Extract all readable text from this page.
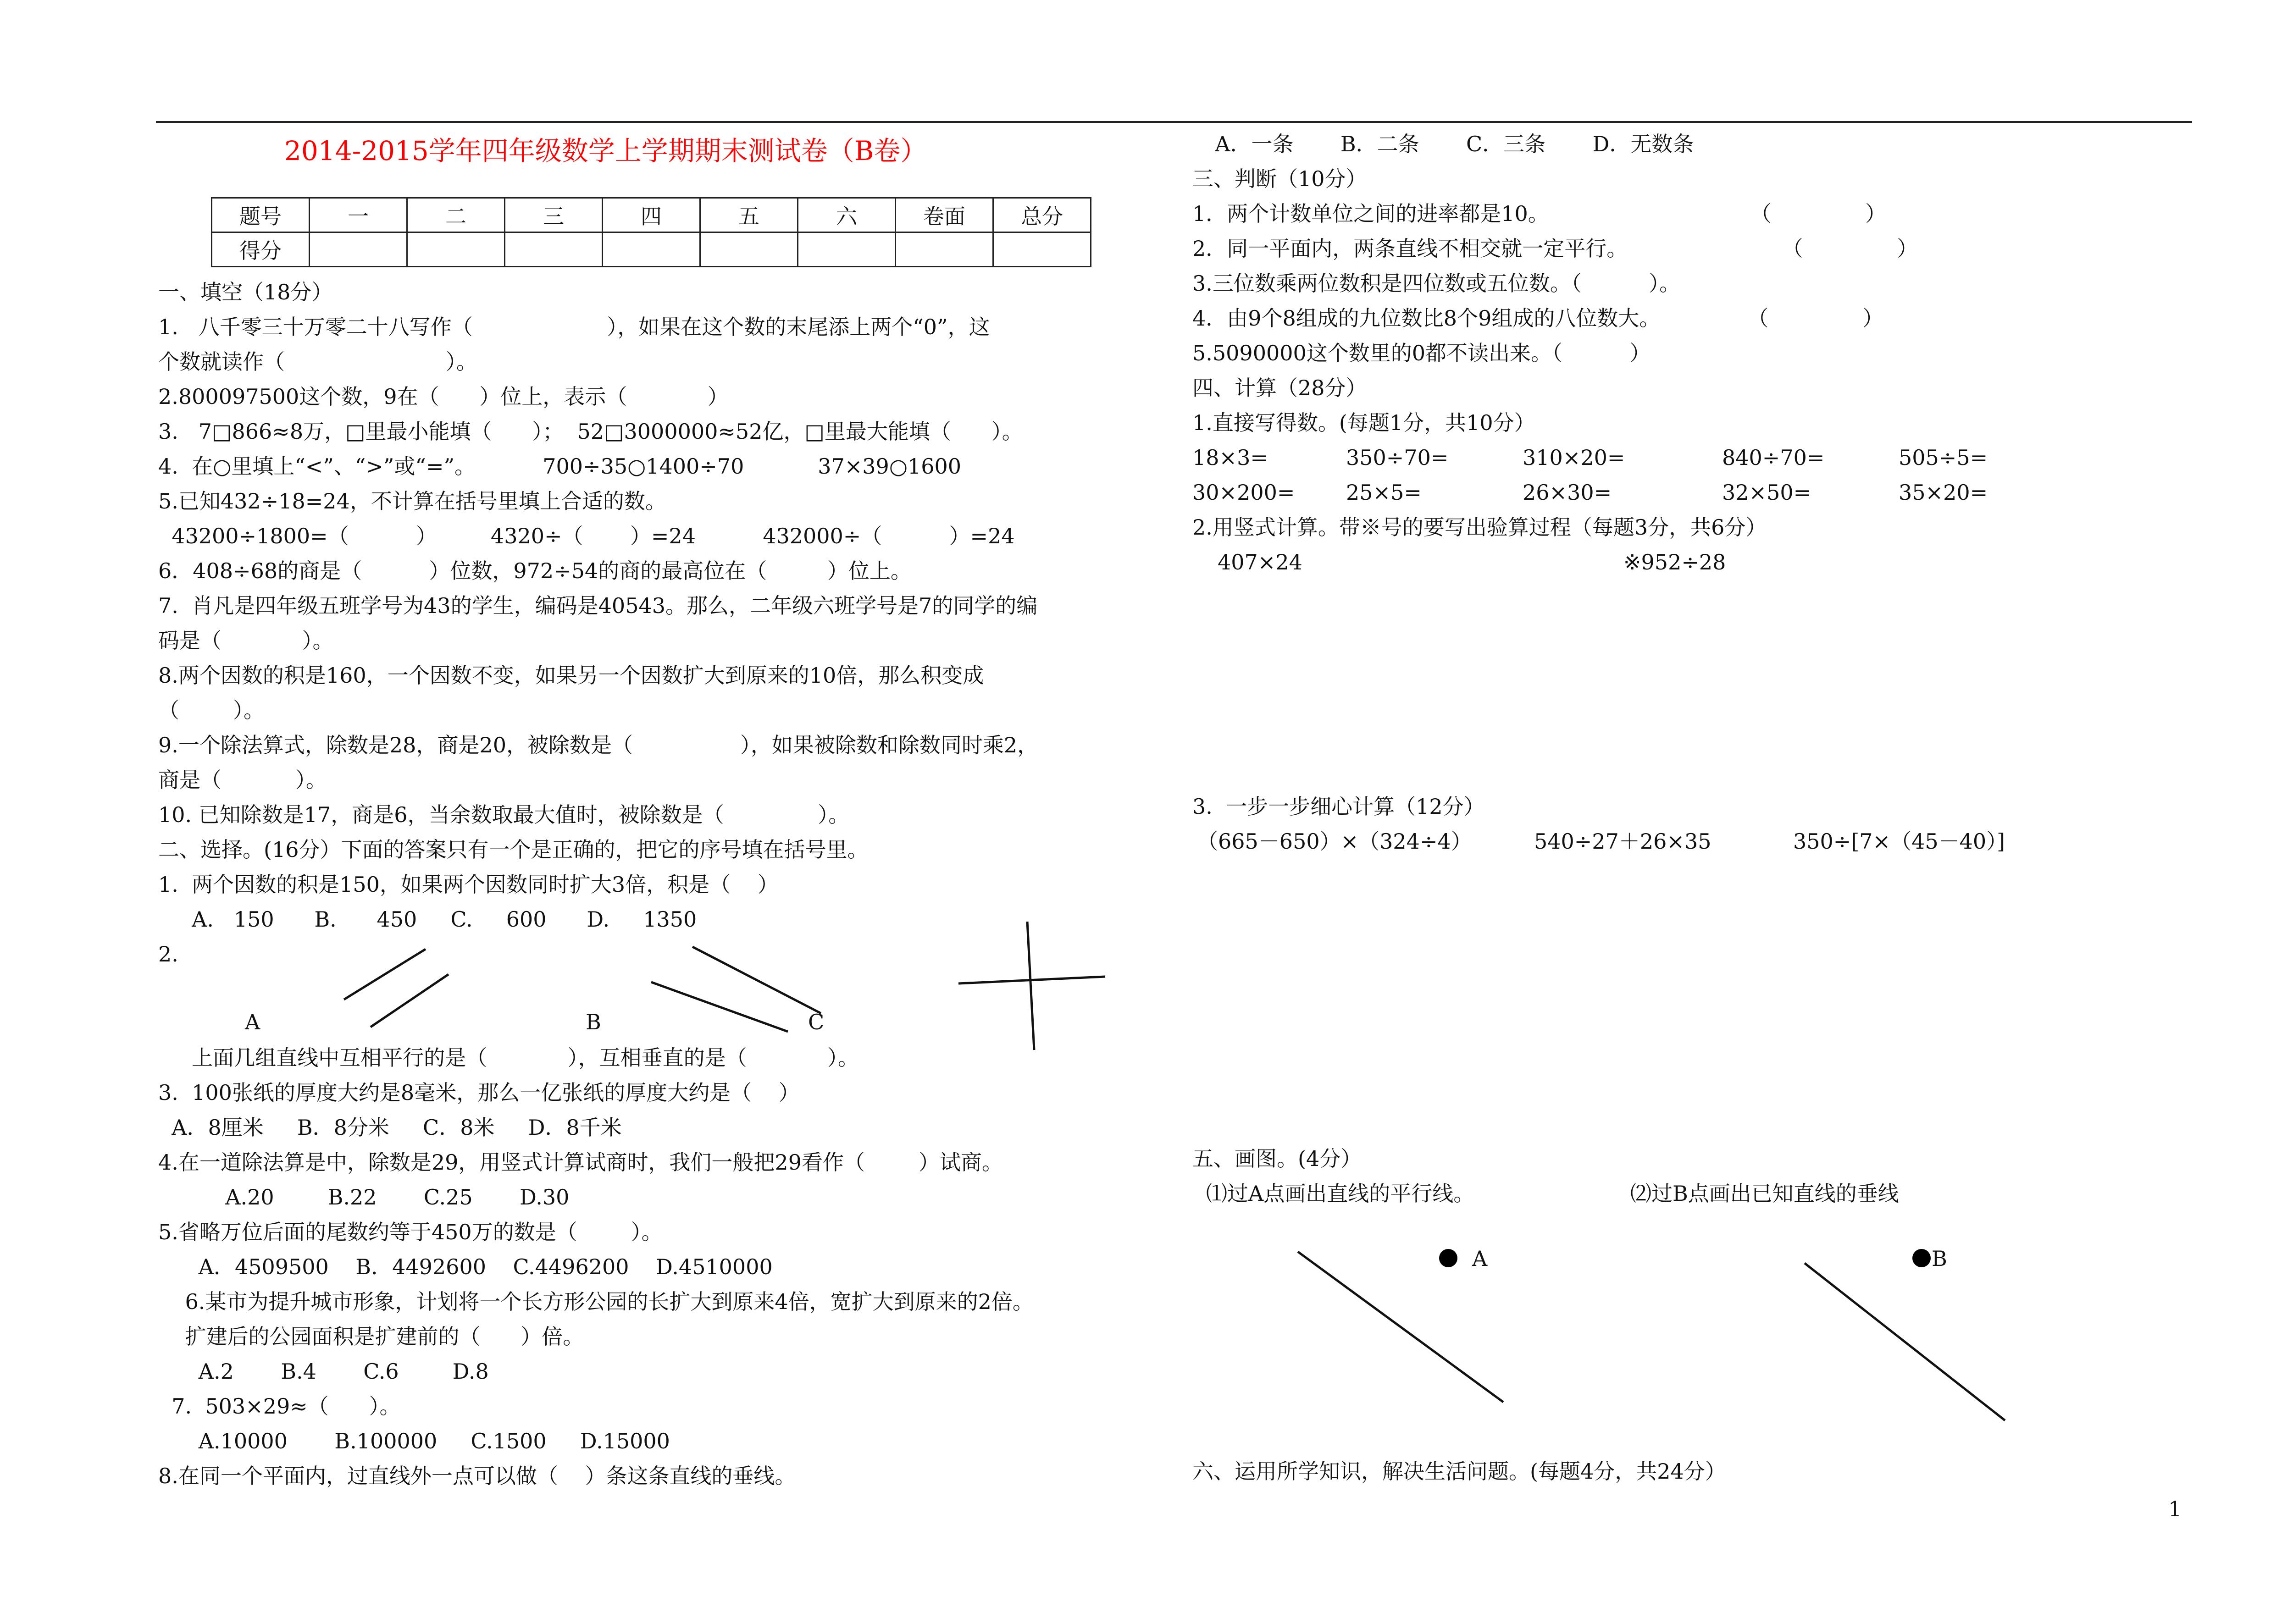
2014-2015学年四年级数学上学期期末测试卷（B卷）
题号	一	二	三	四	五	六	卷面	总分
得分								
一、填空（18分）
1.   八千零三十万零二十八写作（                    ），如果在这个数的末尾添上两个“0”，这
个数就读作（                        ）。
2.800097500这个数，9在（      ）位上，表示（            ）
3.   7□866≈8万，□里最小能填（      ）；  52□3000000≈52亿，□里最大能填（      ）。
4.  在○里填上“<”、“>”或“=”。          700÷35○1400÷70           37×39○1600
5.已知432÷18=24，不计算在括号里填上合适的数。
43200÷1800=（          ）        4320÷（       ）=24          432000÷（          ）=24
6．408÷68的商是（          ）位数，972÷54的商的最高位在（         ）位上。
7.  肖凡是四年级五班学号为43的学生，编码是40543。那么，二年级六班学号是7的同学的编
码是（            ）。
8.两个因数的积是160，一个因数不变，如果另一个因数扩大到原来的10倍，那么积变成
（        ）。
9.一个除法算式，除数是28，商是20，被除数是（                ），如果被除数和除数同时乘2，
商是（           ）。
10. 已知除数是17，商是6，当余数取最大值时，被除数是（              ）。
二、选择。(16分）下面的答案只有一个是正确的，把它的序号填在括号里。
1.  两个因数的积是150，如果两个因数同时扩大3倍，积是（    ）
A.   150      B.      450     C.     600      D.     1350
2.
A	B	C
上面几组直线中互相平行的是（            ），互相垂直的是（            ）。
3.  100张纸的厚度大约是8毫米，那么一亿张纸的厚度大约是（    ）
A．8厘米     B．8分米     C．8米     D．8千米
4.在一道除法算是中，除数是29，用竖式计算试商时，我们一般把29看作（        ）试商。
A.20        B.22       C.25       D.30
5.省略万位后面的尾数约等于450万的数是（        ）。
A．4509500    B．4492600    C.4496200    D.4510000
6.某市为提升城市形象，计划将一个长方形公园的长扩大到原来4倍，宽扩大到原来的2倍。
扩建后的公园面积是扩建前的（      ）倍。
A.2       B.4       C.6        D.8
7.  503×29≈（      ）。
A.10000       B.100000     C.1500     D.15000
8.在同一个平面内，过直线外一点可以做（    ）条这条直线的垂线。
A．一条       B．二条       C．三条       D．无数条
三、判断（10分）
1．两个计数单位之间的进率都是10。                              （              ）
2．同一平面内，两条直线不相交就一定平行。                       （              ）
3.三位数乘两位数积是四位数或五位数。（          ）。
4．由9个8组成的九位数比8个9组成的八位数大。             （              ）
5.5090000这个数里的0都不读出来。（          ）
四、计算（28分）
1.直接写得数。(每题1分，共10分）
18×3=	350÷70=	310×20=	840÷70=	505÷5=
30×200= 25×5=	26×30=	32×50=	35×20=
2.用竖式计算。带※号的要写出验算过程（每题3分，共6分）
407×24	※952÷28
3.  一步一步细心计算（12分）
（665－650）×（324÷4）	540÷27＋26×35	350÷[7×（45－40）]
五、画图。(4分）
⑴过A点画出直线的平行线。	⑵过B点画出已知直线的垂线
A	B
六、运用所学知识，解决生活问题。(每题4分，共24分）
1
